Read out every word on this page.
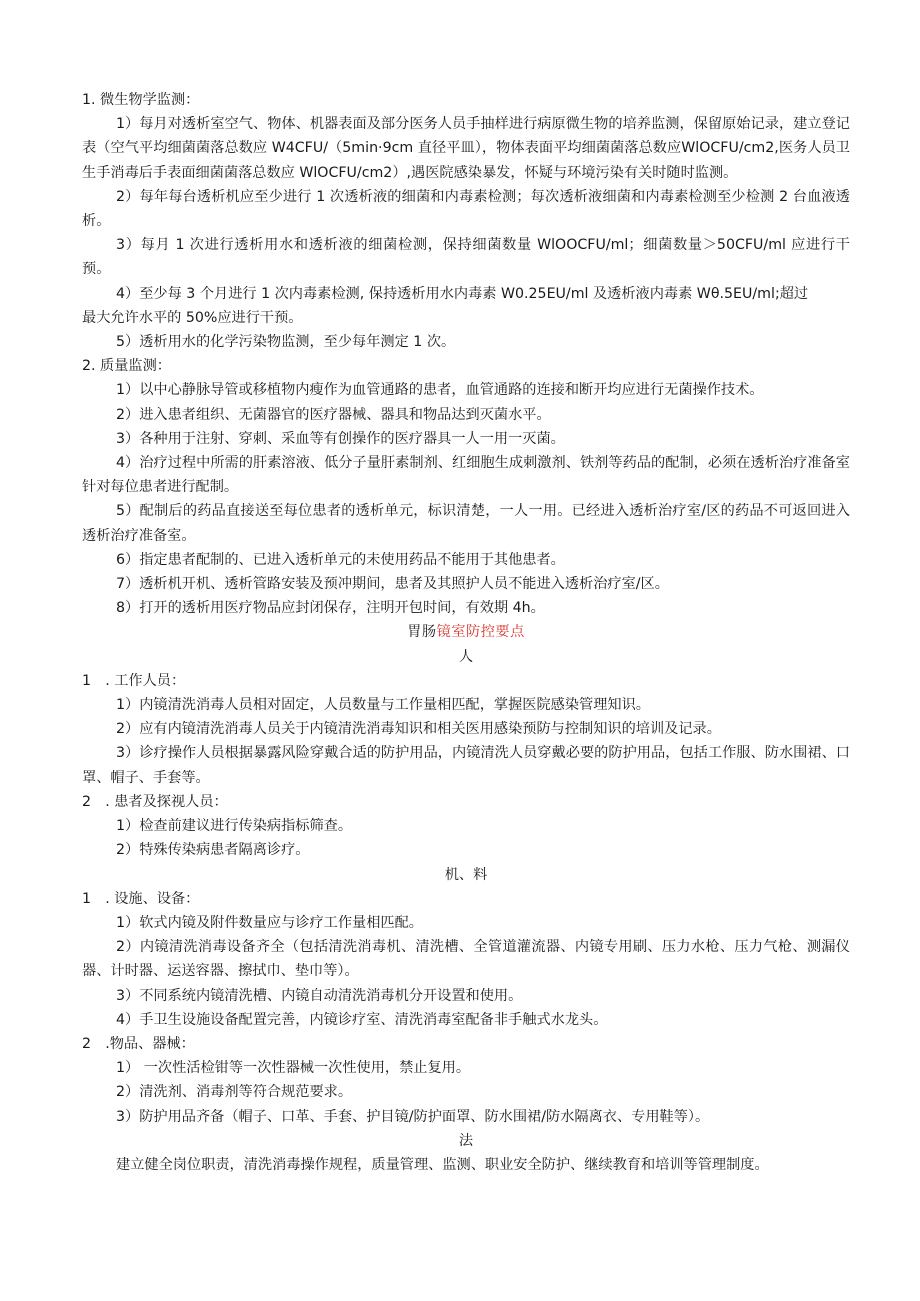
1. 微生物学监测：

1）每月对透析室空气、物体、机器表面及部分医务人员手抽样进行病原微生物的培养监测，保留原始记录，建立登记表（空气平均细菌菌落总数应 W4CFU/（5min·9cm 直径平皿），物体表面平均细菌菌落总数应WlOCFU/cm2,医务人员卫生手消毒后手表面细菌菌落总数应 WlOCFU/cm2）,遇医院感染暴发，怀疑与环境污染有关时随时监测。

2）每年每台透析机应至少进行 1 次透析液的细菌和内毒素检测；每次透析液细菌和内毒素检测至少检测 2 台血液透析。

3）每月 1 次进行透析用水和透析液的细菌检测，保持细菌数量 WlOOCFU/ml；细菌数量＞50CFU/ml 应进行干预。

4）至少每 3 个月进行 1 次内毒素检测, 保持透析用水内毒素 W0.25EU/ml 及透析液内毒素 Wθ.5EU/ml;超过

最大允许水平的 50%应进行干预。

5）透析用水的化学污染物监测，至少每年测定 1 次。

2. 质量监测：

1）以中心静脉导管或移植物内瘦作为血管通路的患者，血管通路的连接和断开均应进行无菌操作技术。

2）进入患者组织、无菌器官的医疗器械、器具和物品达到灭菌水平。

3）各种用于注射、穿刺、采血等有创操作的医疗器具一人一用一灭菌。

4）治疗过程中所需的肝素溶液、低分子量肝素制剂、红细胞生成刺激剂、铁剂等药品的配制，必须在透析治疗准备室针对每位患者进行配制。

5）配制后的药品直接送至每位患者的透析单元，标识清楚，一人一用。已经进入透析治疗室/区的药品不可返回进入透析治疗准备室。

6）指定患者配制的、已进入透析单元的未使用药品不能用于其他患者。

7）透析机开机、透析管路安装及预冲期间，患者及其照护人员不能进入透析治疗室/区。

8）打开的透析用医疗物品应封闭保存，注明开包时间，有效期 4h。

胃肠镜室防控要点

人

1　. 工作人员：

1）内镜清洗消毒人员相对固定，人员数量与工作量相匹配，掌握医院感染管理知识。

2）应有内镜清洗消毒人员关于内镜清洗消毒知识和相关医用感染预防与控制知识的培训及记录。

3）诊疗操作人员根据暴露风险穿戴合适的防护用品，内镜清洗人员穿戴必要的防护用品，包括工作服、防水围裙、口罩、帽子、手套等。

2　. 患者及探视人员：

1）检查前建议进行传染病指标筛查。

2）特殊传染病患者隔离诊疗。

机、料

1　. 设施、设备：

1）软式内镜及附件数量应与诊疗工作量相匹配。

2）内镜清洗消毒设备齐全（包括清洗消毒机、清洗槽、全管道灌流器、内镜专用刷、压力水枪、压力气枪、测漏仪器、计时器、运送容器、擦拭巾、垫巾等）。

3）不同系统内镜清洗槽、内镜自动清洗消毒机分开设置和使用。

4）手卫生设施设备配置完善，内镜诊疗室、清洗消毒室配备非手触式水龙头。

2　.物品、器械：

1） 一次性活检钳等一次性器械一次性使用，禁止复用。

2）清洗剂、消毒剂等符合规范要求。

3）防护用品齐备（帽子、口革、手套、护目镜/防护面罩、防水围裙/防水隔离衣、专用鞋等）。

法

建立健全岗位职责，清洗消毒操作规程，质量管理、监测、职业安全防护、继续教育和培训等管理制度。
